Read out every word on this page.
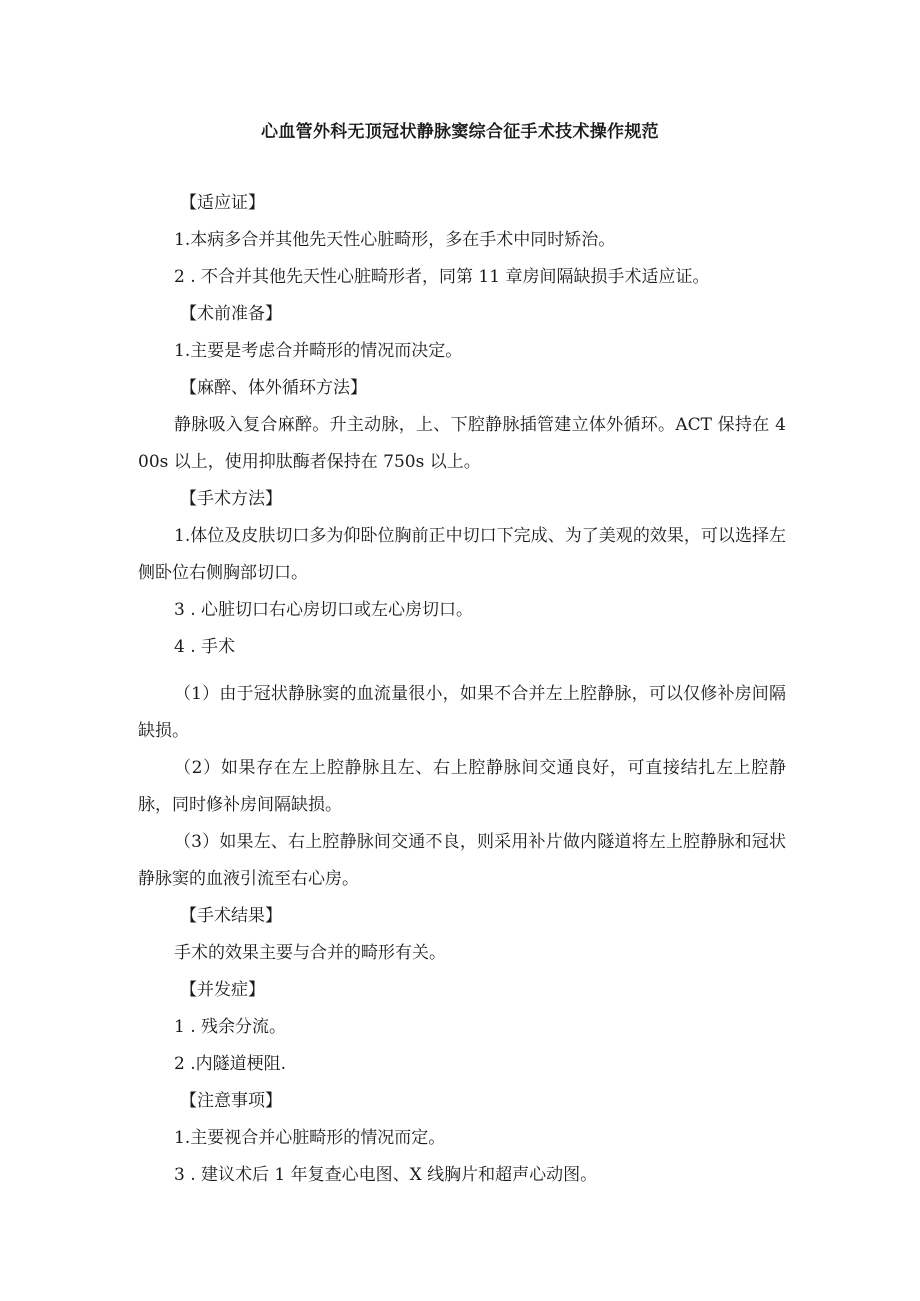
心血管外科无顶冠状静脉窦综合征手术技术操作规范

【适应证】

1.本病多合并其他先天性心脏畸形，多在手术中同时矫治。

2 . 不合并其他先天性心脏畸形者，同第 11 章房间隔缺损手术适应证。

【术前准备】

1.主要是考虑合并畸形的情况而决定。

【麻醉、体外循环方法】

静脉吸入复合麻醉。升主动脉，上、下腔静脉插管建立体外循环。ACT 保持在 400s 以上，使用抑肽酶者保持在 750s 以上。

【手术方法】

1.体位及皮肤切口多为仰卧位胸前正中切口下完成、为了美观的效果，可以选择左侧卧位右侧胸部切口。

3 . 心脏切口右心房切口或左心房切口。

4 . 手术

（1）由于冠状静脉窦的血流量很小，如果不合并左上腔静脉，可以仅修补房间隔缺损。

（2）如果存在左上腔静脉且左、右上腔静脉间交通良好，可直接结扎左上腔静脉，同时修补房间隔缺损。

（3）如果左、右上腔静脉间交通不良，则采用补片做内隧道将左上腔静脉和冠状静脉窦的血液引流至右心房。

【手术结果】

手术的效果主要与合并的畸形有关。

【并发症】

1 . 残余分流。

2 .内隧道梗阻.

【注意事项】

1.主要视合并心脏畸形的情况而定。

3 . 建议术后 1 年复查心电图、X 线胸片和超声心动图。
